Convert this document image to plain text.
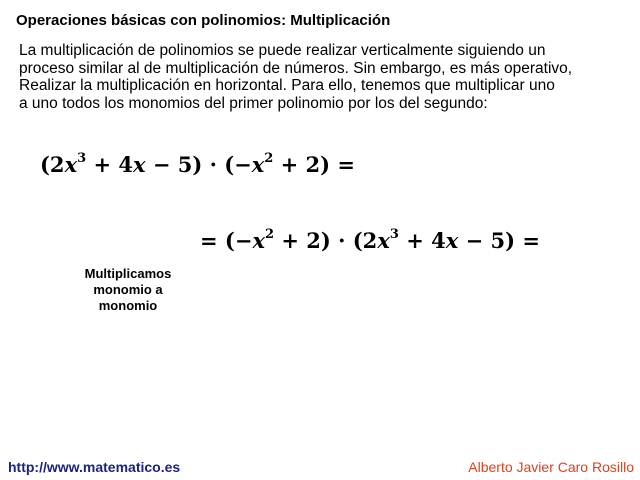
Operaciones básicas con polinomios: Multiplicación
La multiplicación de polinomios se puede realizar verticalmente siguiendo un
proceso similar al de multiplicación de números. Sin embargo, es más operativo,
Realizar la multiplicación en horizontal. Para ello, tenemos que multiplicar uno
a uno todos los monomios del primer polinomio por los del segundo:
$(2x^3 + 4x - 5) \cdot (-x^2 + 2)$ =
= $(-x^2 + 2) \cdot (2x^3 + 4x - 5)$ =
Multiplicamos
monomio a
monomio
http://www.matematico.es	Alberto Javier Caro Rosillo
